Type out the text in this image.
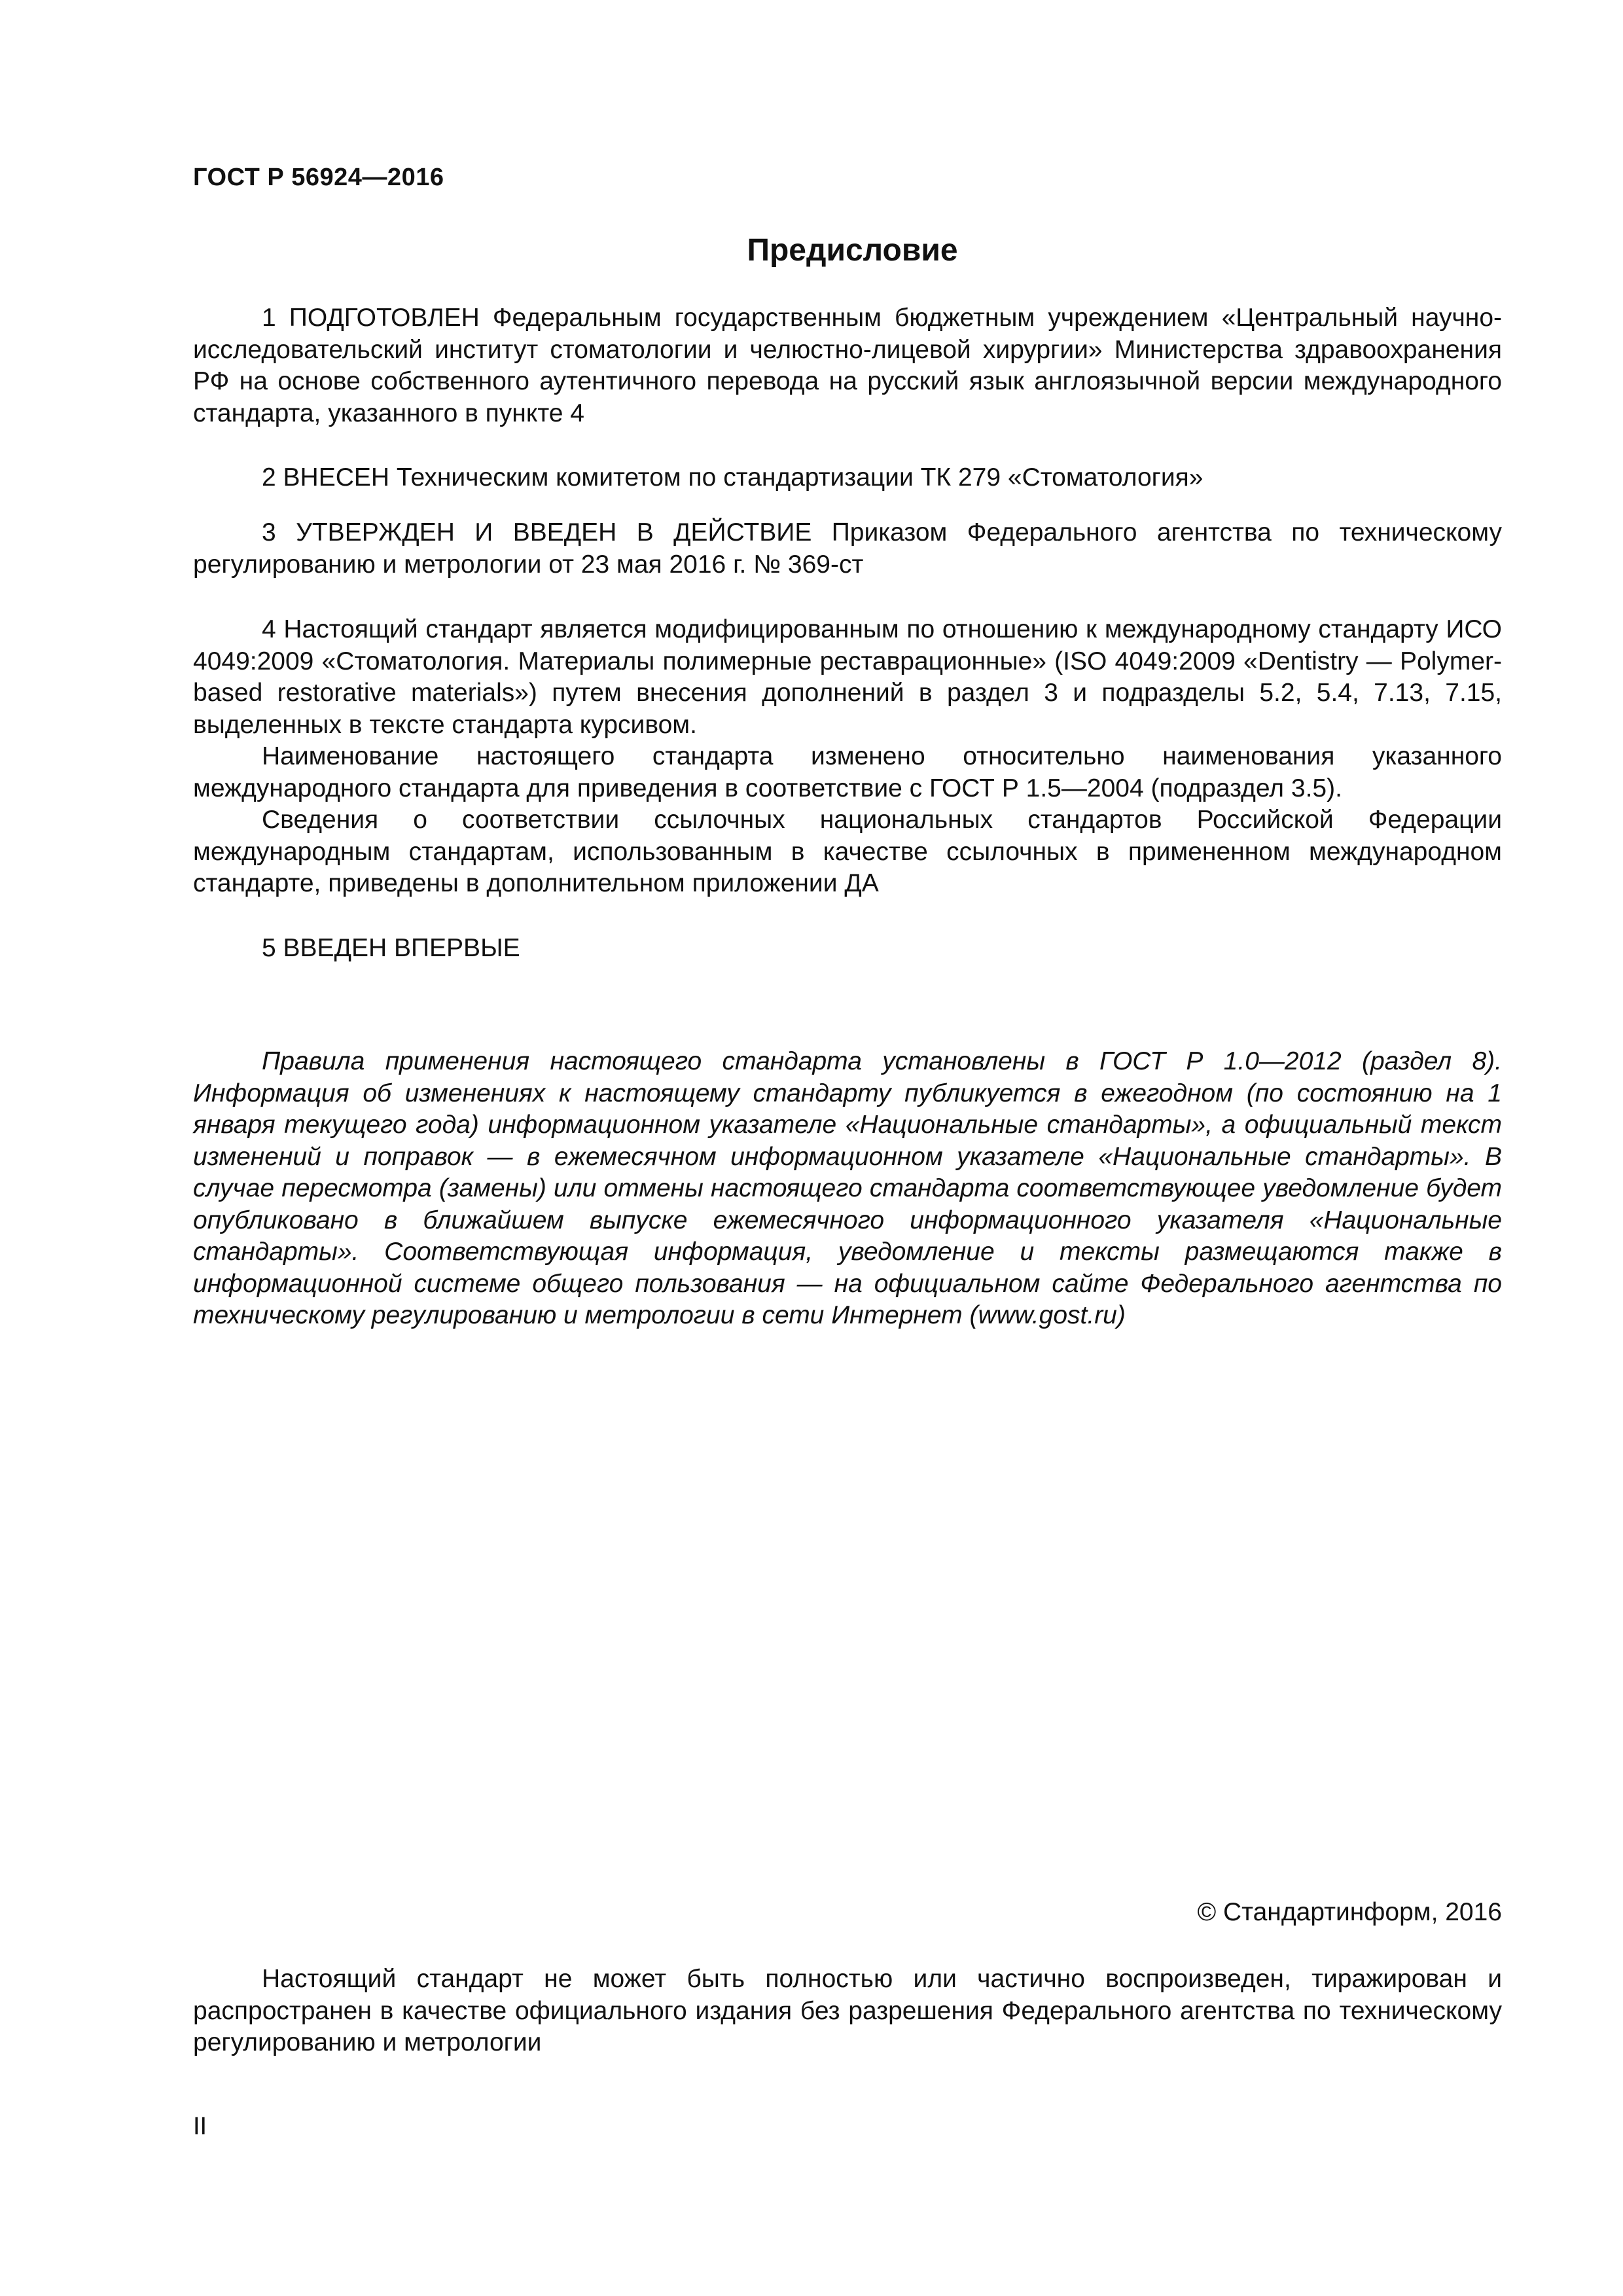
ГОСТ Р 56924—2016
Предисловие

1 ПОДГОТОВЛЕН Федеральным государственным бюджетным учреждением «Центральный научно-исследовательский институт стоматологии и челюстно-лицевой хирургии» Министерства здравоохранения РФ на основе собственного аутентичного перевода на русский язык англоязычной версии международного стандарта, указанного в пункте 4

2 ВНЕСЕН Техническим комитетом по стандартизации ТК 279 «Стоматология»

3 УТВЕРЖДЕН И ВВЕДЕН В ДЕЙСТВИЕ Приказом Федерального агентства по техническому регулированию и метрологии от 23 мая 2016 г. № 369-ст

4 Настоящий стандарт является модифицированным по отношению к международному стандарту ИСО 4049:2009 «Стоматология. Материалы полимерные реставрационные» (ISO 4049:2009 «Dentistry — Polymer-based restorative materials») путем внесения дополнений в раздел 3 и подразделы 5.2, 5.4, 7.13, 7.15, выделенных в тексте стандарта курсивом.

Наименование настоящего стандарта изменено относительно наименования указанного международного стандарта для приведения в соответствие с ГОСТ Р 1.5—2004 (подраздел 3.5).

Сведения о соответствии ссылочных национальных стандартов Российской Федерации международным стандартам, использованным в качестве ссылочных в примененном международном стандарте, приведены в дополнительном приложении ДА

5 ВВЕДЕН ВПЕРВЫЕ

Правила применения настоящего стандарта установлены в ГОСТ Р 1.0—2012 (раздел 8). Информация об изменениях к настоящему стандарту публикуется в ежегодном (по состоянию на 1 января текущего года) информационном указателе «Национальные стандарты», а официальный текст изменений и поправок — в ежемесячном информационном указателе «Национальные стандарты». В случае пересмотра (замены) или отмены настоящего стандарта соответствующее уведомление будет опубликовано в ближайшем выпуске ежемесячного информационного указателя «Национальные стандарты». Соответствующая информация, уведомление и тексты размещаются также в информационной системе общего пользования — на официальном сайте Федерального агентства по техническому регулированию и метрологии в сети Интернет (www.gost.ru)

© Стандартинформ, 2016

Настоящий стандарт не может быть полностью или частично воспроизведен, тиражирован и распространен в качестве официального издания без разрешения Федерального агентства по техническому регулированию и метрологии

II
